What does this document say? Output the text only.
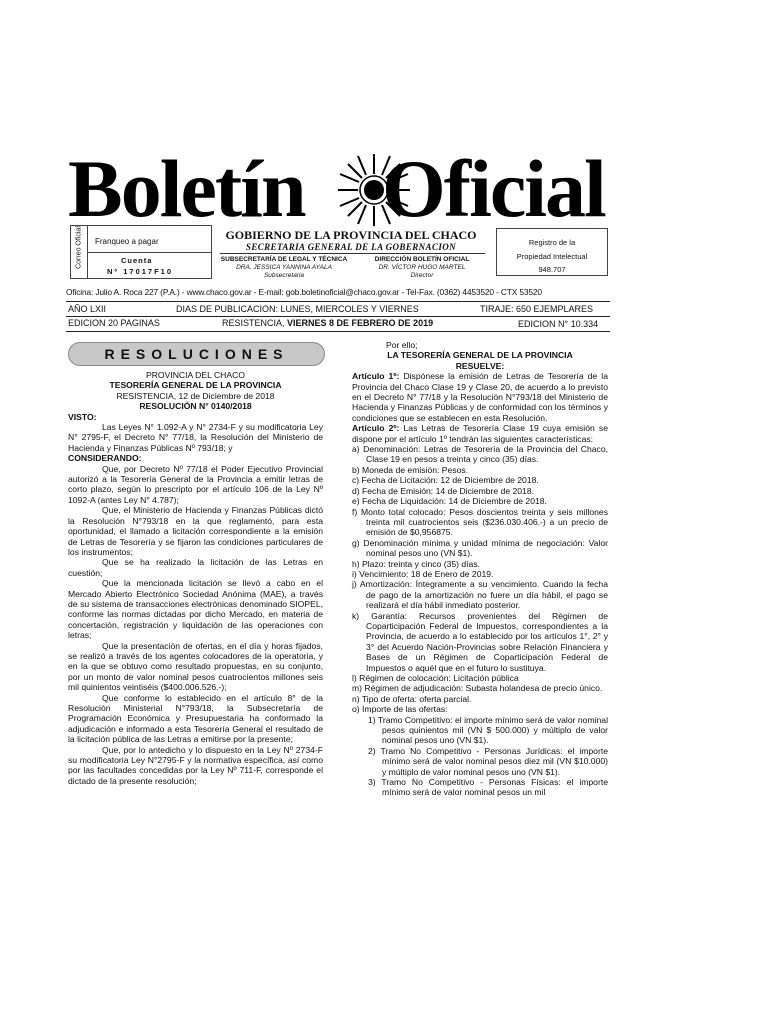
Boletín Oficial
Correo Oficial Franqueo a pagar
Cuenta
Nº 17017F10
GOBIERNO DE LA PROVINCIA DEL CHACO
SECRETARIA GENERAL DE LA GOBERNACION
SUBSECRETARÍA DE LEGAL Y TÉCNICA
DRA. JESSICA YANNINA AYALA
Subsecretaria
DIRECCIÓN BOLETÍN OFICIAL
DR. VÍCTOR HUGO MARTEL
Director
Registro de la
Propiedad Intelectual
948.707
Oficina: Julio A. Roca 227 (P.A.) - www.chaco.gov.ar - E-mail: gob.boletinoficial@chaco.gov.ar - Tel-Fax. (0362) 4453520 - CTX 53520
AÑO LXII	DIAS DE PUBLICACION: LUNES, MIERCOLES Y VIERNES	TIRAJE: 650 EJEMPLARES
EDICION 20 PAGINAS	RESISTENCIA, VIERNES 8 DE FEBRERO DE 2019	EDICION N° 10.334
RESOLUCIONES

PROVINCIA DEL CHACO

TESORERÍA GENERAL DE LA PROVINCIA

RESISTENCIA, 12 de Diciembre de 2018

RESOLUCIÓN N° 0140/2018

VISTO:

Las Leyes N° 1.092-A y N° 2734-F y su modificatoria Ley N° 2795-F, el Decreto N° 77/18, la Resolución del Ministerio de Hacienda y Finanzas Públicas Nº 793/18; y

CONSIDERANDO:

Que, por Decreto Nº 77/18 el Poder Ejecutivo Provincial autorizó a la Tesorería General de la Provincia a emitir letras de corto plazo, según lo prescripto por el artículo 106 de la Ley Nº 1092-A (antes Ley N° 4.787);

Que, el Ministerio de Hacienda y Finanzas Públicas dictó la Resolución N°793/18 en la que reglamentó, para esta oportunidad, el llamado a licitación correspondiente a la emisión de Letras de Tesorería y se fijaron las condiciones particulares de los instrumentos;

Que se ha realizado la licitación de las Letras en cuestión;

Que la mencionada licitación se llevó a cabo en el Mercado Abierto Electrónico Sociedad Anónima (MAE), a través de su sistema de transacciones electrónicas denominado SIOPEL, conforme las normas dictadas por dicho Mercado, en materia de concertación, registración y liquidación de las operaciones con letras;

Que la presentación de ofertas, en el día y horas fijados, se realizó a través de los agentes colocadores de la operatoria, y en la que se obtuvo como resultado propuestas, en su conjunto, por un monto de valor nominal pesos cuatrocientos millones seis mil quinientos veintiséis ($400.006.526.-);

Que conforme lo establecido en el artículo 8° de la Resolución Ministerial N°793/18, la Subsecretaría de Programación Económica y Presupuestaria ha conformado la adjudicación e informado a esta Tesorería General el resultado de la licitación pública de las Letras a emitirse por la presente;

Que, por lo antedicho y lo dispuesto en la Ley Nº 2734-F su modificatoria Ley N°2795-F y la normativa específica, así como por las facultades concedidas por la Ley Nº 711-F, corresponde el dictado de la presente resolución;

Por ello;

LA TESORERÍA GENERAL DE LA PROVINCIA

RESUELVE:

Artículo 1º: Dispónese la emisión de Letras de Tesorería de la Provincia del Chaco Clase 19 y Clase 20, de acuerdo a lo previsto en el Decreto N° 77/18 y la Resolución N°793/18 del Ministerio de Hacienda y Finanzas Públicas y de conformidad con los términos y condiciones que se establecen en esta Resolución.

Artículo 2º: Las Letras de Tesorería Clase 19 cuya emisión se dispone por el artículo 1º tendrán las siguientes características:

a) Denominación: Letras de Tesorería de la Provincia del Chaco, Clase 19 en pesos a treinta y cinco (35) días.

b) Moneda de emisión: Pesos.

c) Fecha de Licitación: 12 de Diciembre de 2018.

d) Fecha de Emisión: 14 de Diciembre de 2018.

e) Fecha de Liquidación: 14 de Diciembre de 2018.

f) Monto total colocado: Pesos doscientos treinta y seis millones treinta mil cuatrocientos seis ($236.030.406.-) a un precio de emisión de $0,956875.

g) Denominación mínima y unidad mínima de negociación: Valor nominal pesos uno (VN $1).

h) Plazo: treinta y cinco (35) días.

i) Vencimiento: 18 de Enero de 2019.

j) Amortización: Íntegramente a su vencimiento. Cuando la fecha de pago de la amortización no fuere un día hábil, el pago se realizará el día hábil inmediato posterior.

k) Garantía: Recursos provenientes del Régimen de Coparticipación Federal de Impuestos, correspondientes a la Provincia, de acuerdo a lo establecido por los artículos 1°, 2° y 3° del Acuerdo Nación-Provincias sobre Relación Financiera y Bases de un Régimen de Coparticipación Federal de Impuestos o aquél que en el futuro lo sustituya.

l) Régimen de colocación: Licitación pública

m) Régimen de adjudicación: Subasta holandesa de precio único.

n) Tipo de oferta: oferta parcial.

o) Importe de las ofertas:

1) Tramo Competitivo: el importe mínimo será de valor nominal pesos quinientos mil (VN $ 500.000) y múltiplo de valor nominal pesos uno (VN $1).

2) Tramo No Competitivo - Personas Jurídicas: el importe mínimo será de valor nominal pesos diez mil (VN $10.000) y múltiplo de valor nominal pesos uno (VN $1).

3) Tramo No Competitivo - Personas Físicas: el importe mínimo será de valor nominal pesos un mil
